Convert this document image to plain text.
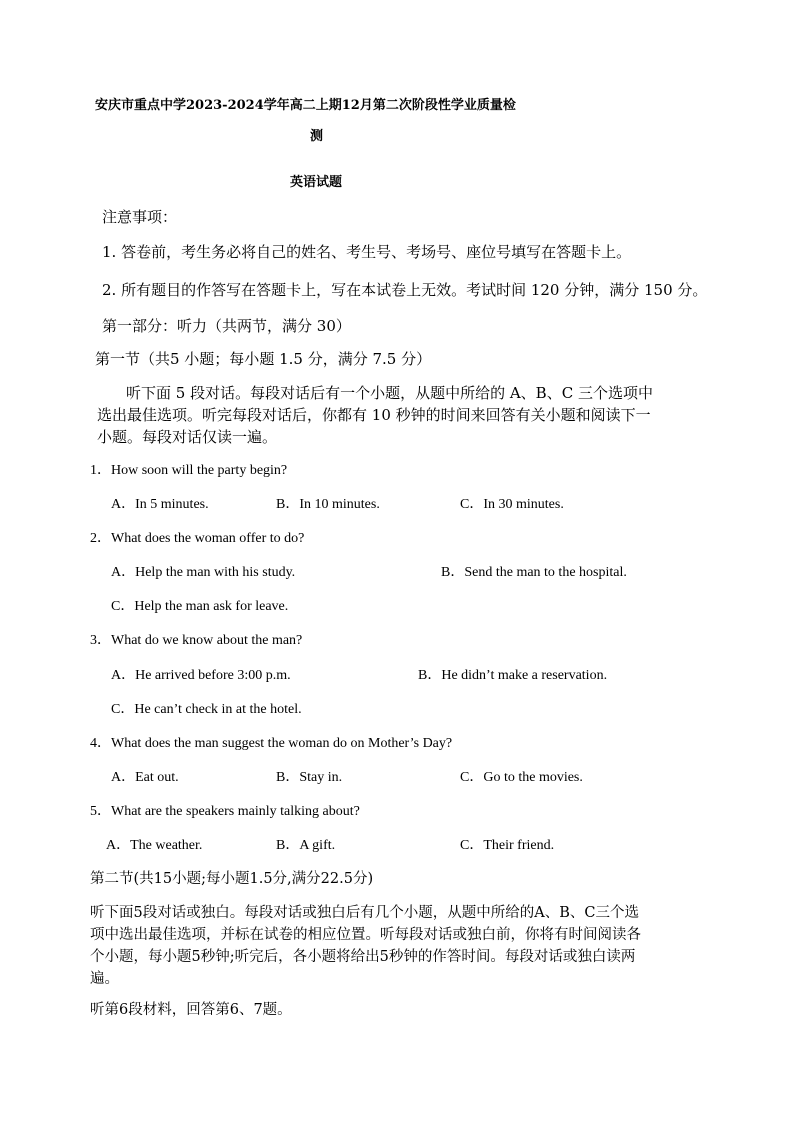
安庆市重点中学2023-2024学年高二上期12月第二次阶段性学业质量检
测
英语试题
注意事项：
1. 答卷前，考生务必将自己的姓名、考生号、考场号、座位号填写在答题卡上。
2. 所有题目的作答写在答题卡上，写在本试卷上无效。考试时间 120 分钟，满分 150 分。
第一部分：听力（共两节，满分 30）
第一节（共5 小题；每小题 1.5 分，满分 7.5 分）
听下面 5 段对话。每段对话后有一个小题，从题中所给的 A、B、C 三个选项中
选出最佳选项。听完每段对话后，你都有 10 秒钟的时间来回答有关小题和阅读下一
小题。每段对话仅读一遍。
1．How soon will the party begin?
A．In 5 minutes.	B．In 10 minutes.	C．In 30 minutes.
2．What does the woman offer to do?
A．Help the man with his study.	B．Send the man to the hospital.
C．Help the man ask for leave.
3．What do we know about the man?
A．He arrived before 3:00 p.m.	B．He didn’t make a reservation.
C．He can’t check in at the hotel.
4．What does the man suggest the woman do on Mother’s Day?
A．Eat out.	B．Stay in.	C．Go to the movies.
5．What are the speakers mainly talking about?
A．The weather.	B．A gift.	C．Their friend.
第二节(共15小题;每小题1.5分,满分22.5分)
听下面5段对话或独白。每段对话或独白后有几个小题，从题中所给的A、B、C三个选
项中选出最佳选项，并标在试卷的相应位置。听每段对话或独白前，你将有时间阅读各
个小题，每小题5秒钟;听完后，各小题将给出5秒钟的作答时间。每段对话或独白读两
遍。
听第6段材料，回答第6、7题。
